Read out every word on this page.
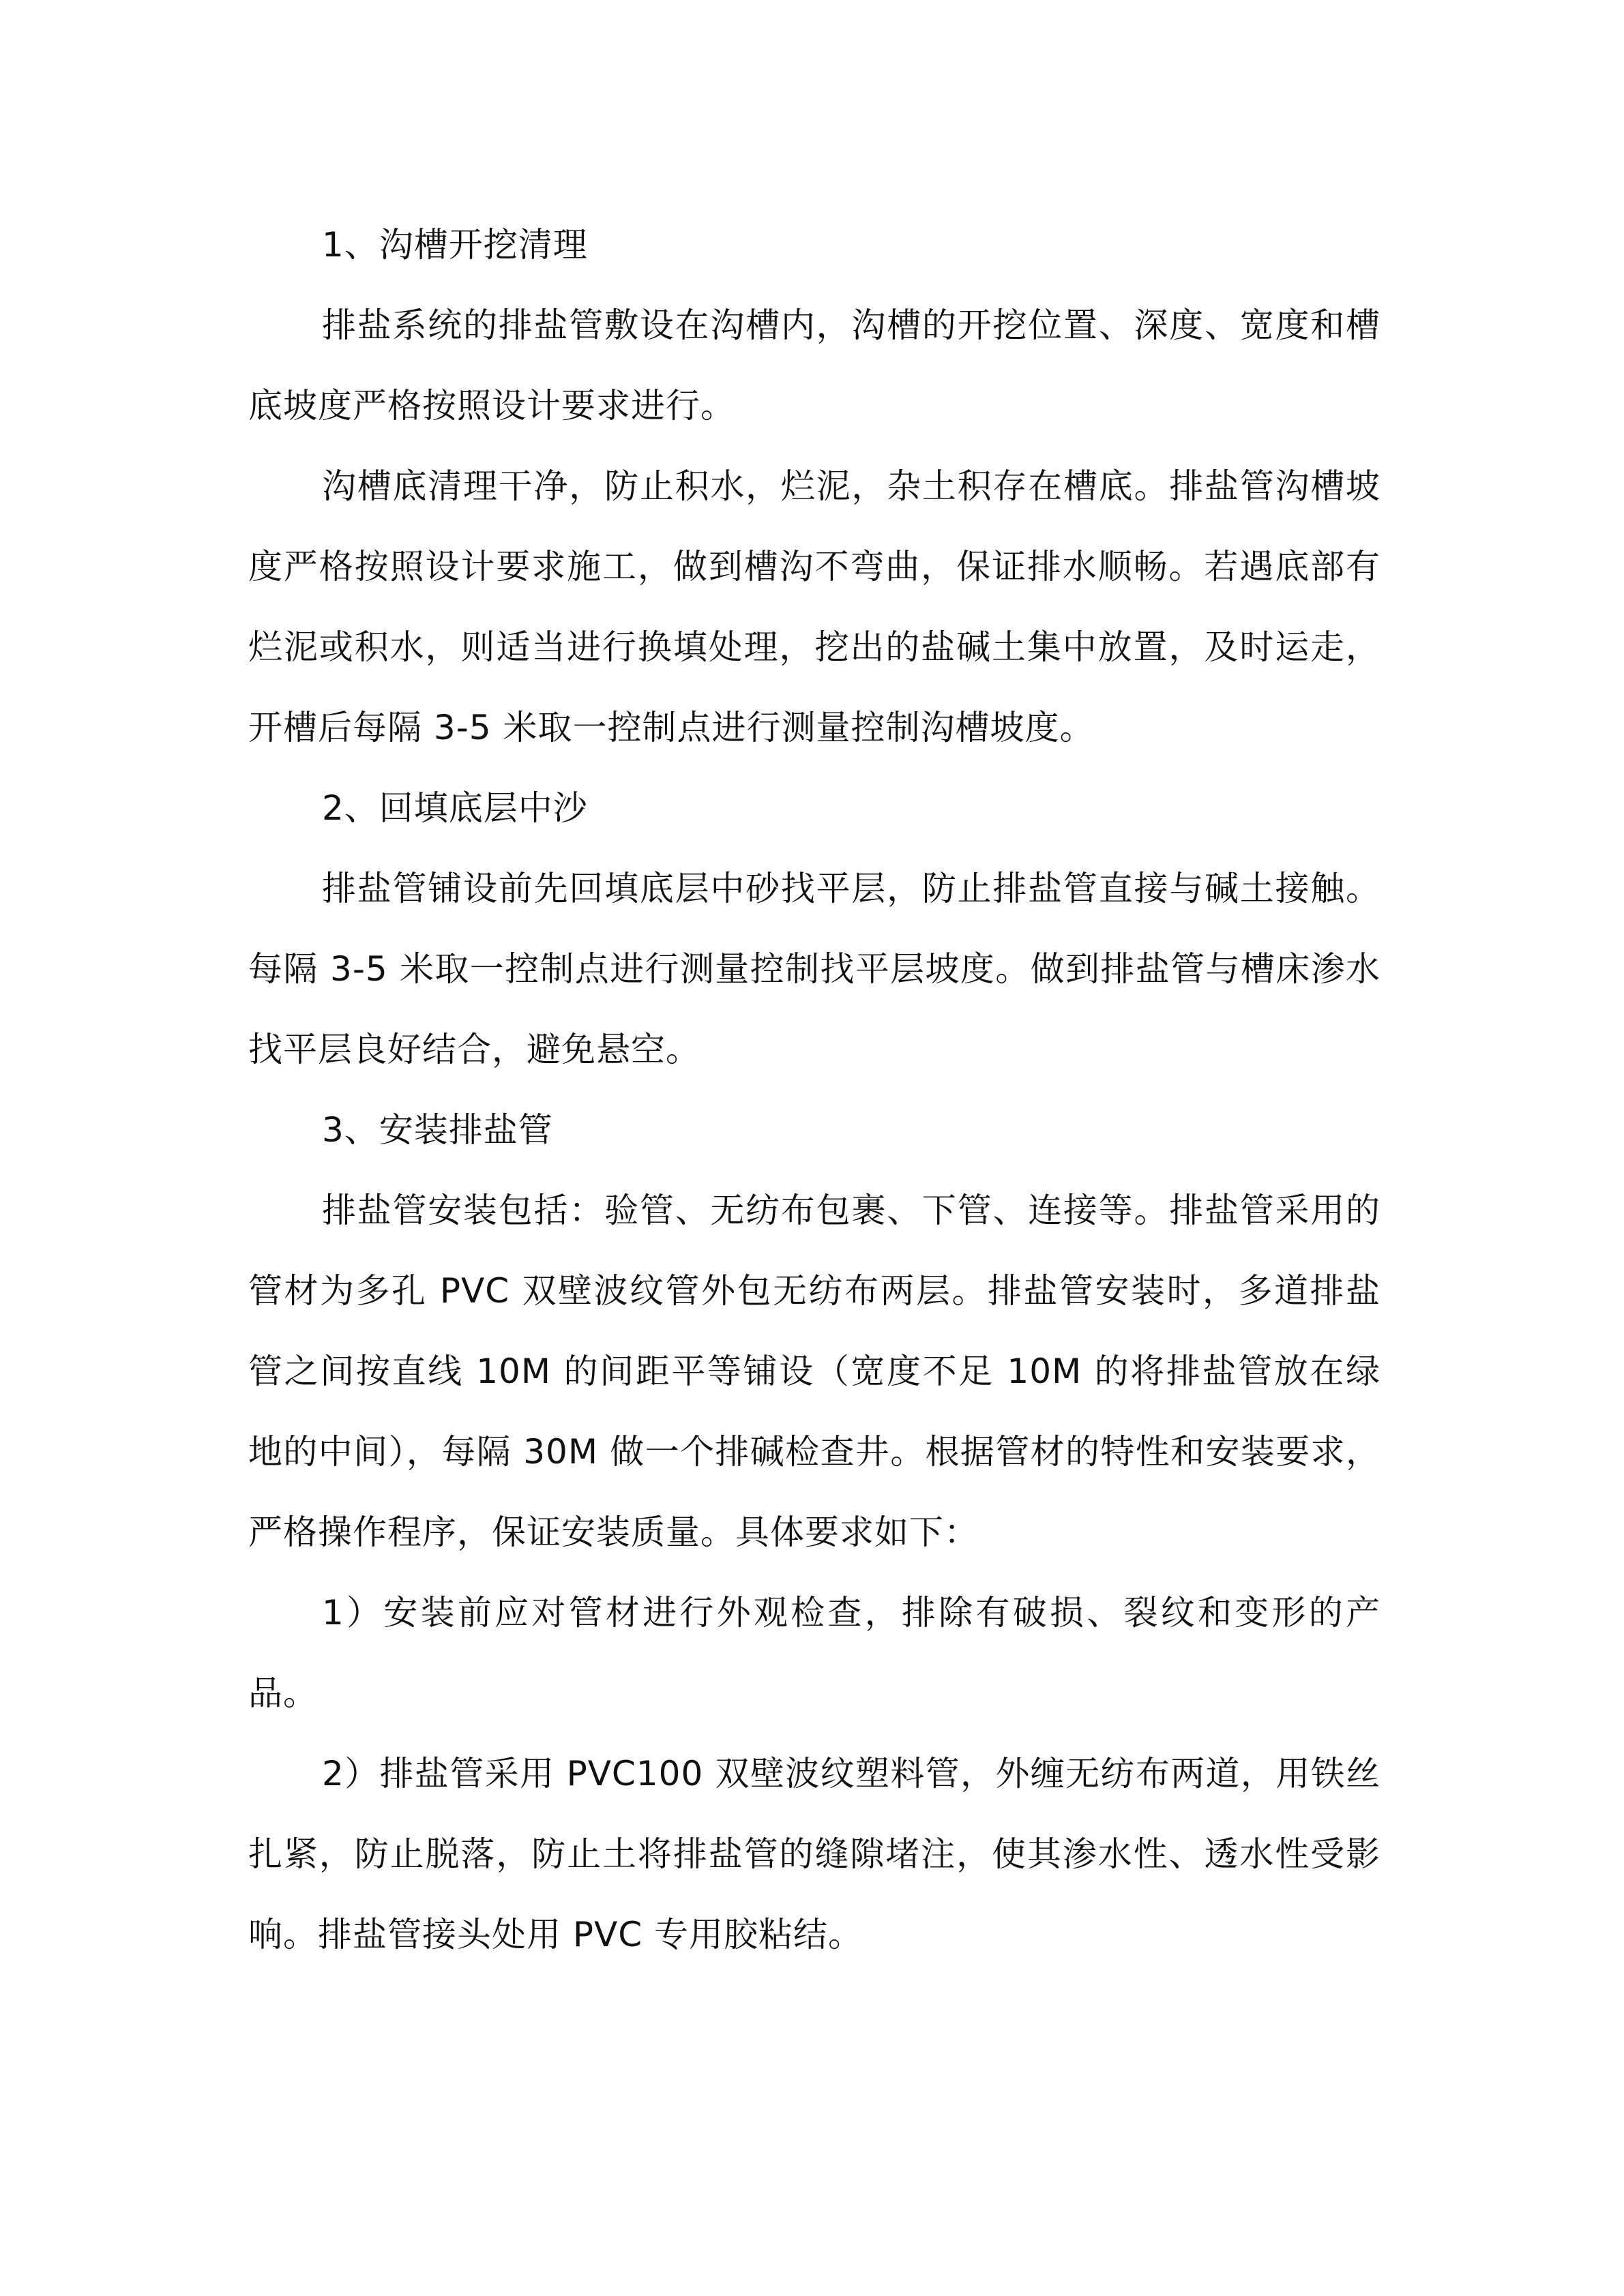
1、沟槽开挖清理

排盐系统的排盐管敷设在沟槽内，沟槽的开挖位置、深度、宽度和槽底坡度严格按照设计要求进行。

沟槽底清理干净，防止积水，烂泥，杂土积存在槽底。排盐管沟槽坡度严格按照设计要求施工，做到槽沟不弯曲，保证排水顺畅。若遇底部有烂泥或积水，则适当进行换填处理，挖出的盐碱土集中放置，及时运走，开槽后每隔 3-5 米取一控制点进行测量控制沟槽坡度。

2、回填底层中沙

排盐管铺设前先回填底层中砂找平层，防止排盐管直接与碱土接触。每隔 3-5 米取一控制点进行测量控制找平层坡度。做到排盐管与槽床渗水找平层良好结合，避免悬空。

3、安装排盐管

排盐管安装包括：验管、无纺布包裹、下管、连接等。排盐管采用的管材为多孔 PVC 双壁波纹管外包无纺布两层。排盐管安装时，多道排盐管之间按直线 10M 的间距平等铺设（宽度不足 10M 的将排盐管放在绿地的中间），每隔 30M 做一个排碱检查井。根据管材的特性和安装要求，严格操作程序，保证安装质量。具体要求如下：

1）安装前应对管材进行外观检查，排除有破损、裂纹和变形的产品。

2）排盐管采用 PVC100 双壁波纹塑料管，外缠无纺布两道，用铁丝扎紧，防止脱落，防止土将排盐管的缝隙堵注，使其渗水性、透水性受影响。排盐管接头处用 PVC 专用胶粘结。
